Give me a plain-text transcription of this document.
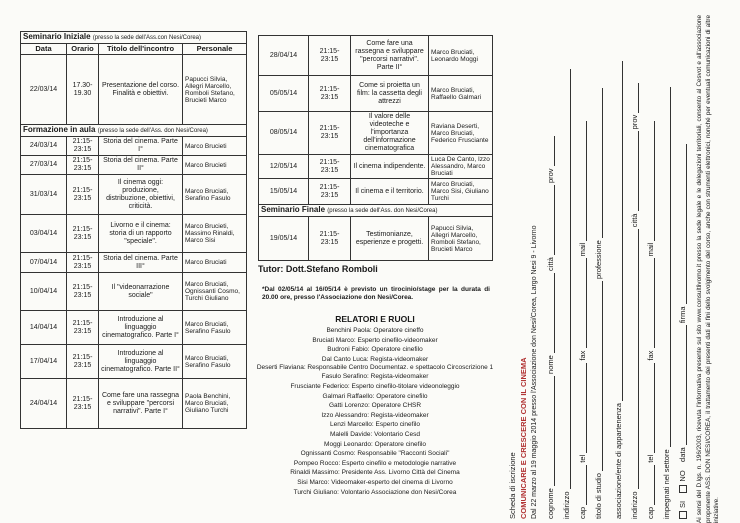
Seminario Iniziale (presso la sede dell'Ass.con Nesi/Corea)			
Data	Orario	Titolo dell'incontro	Personale
22/03/14	17.30-19.30	Presentazione del corso. Finalità e obiettivi.	Papucci Silvia, Allegri Marcello, Romboli Stefano, Brucieti Marco
Formazione in aula (presso la sede dell'Ass. don Nesi/Corea)			
24/03/14	21:15-23:15	Storia del cinema. Parte I°	Marco Brucieti
27/03/14	21:15-23:15	Storia del cinema. Parte II°	Marco Brucieti
31/03/14	21:15-23:15	Il cinema oggi: produzione, distribuzione, obiettivi, criticità.	Marco Bruciati, Serafino Fasulo
03/04/14	21:15-23:15	Livorno e il cinema: storia di un rapporto "speciale".	Marco Brucieti, Massimo Rinaldi, Marco Sisi
07/04/14	21:15-23:15	Storia del cinema. Parte III°	Marco Bruciati
10/04/14	21:15-23:15	Il "videonarrazione sociale"	Marco Bruciati, Ognissanti Cosmo, Turchi Giuliano
14/04/14	21:15-23:15	Introduzione al linguaggio cinematografico. Parte I°	Marco Bruciati, Serafino Fasulo
17/04/14	21:15-23:15	Introduzione al linguaggio cinematografico. Parte II°	Marco Bruciati, Serafino Fasulo
24/04/14	21:15-23:15	Come fare una rassegna e sviluppare "percorsi narrativi". Parte I°	Paola Benchini, Marco Bruciati, Giuliano Turchi
28/04/14	21:15-23:15	Come fare una rassegna e sviluppare "percorsi narrativi". Parte II°	Marco Bruciati, Leonardo Moggi
05/05/14	21:15-23:15	Come si proietta un film: la cassetta degli attrezzi	Marco Bruciati, Raffaello Galmari
08/05/14	21:15-23:15	Il valore delle videoteche e l'importanza dell'informazione cinematografica	Raviana Deserti, Marco Bruciati, Federico Frusciante
12/05/14	21:15-23:15	Il cinema indipendente.	Luca De Canto, Izzo Alessandro, Marco Bruciati
15/05/14	21:15-23:15	Il cinema e il territorio.	Marco Bruciati, Marco Sisi, Giuliano Turchi
Seminario Finale (presso la sede dell'Ass. don Nesi/Corea)			
19/05/14	21:15-23:15	Testimonianze, esperienze e progetti.	Papucci Silvia, Allegri Marcello, Romboli Stefano, Brucieti Marco
Tutor: Dott.Stefano Romboli
*Dal 02/05/14 al 16/05/14 è previsto un tirocinio/stage per la durata di 20.00 ore, presso l'Associazione don Nesi/Corea.
RELATORI E RUOLI
Benchini Paola: Operatore cineffo
Bruciati Marco: Esperto cinefilo-videomaker
Budroni Fabio: Operatore cinefilo
Dal Canto Luca: Regista-videomaker
Deserti Flaviana: Responsabile Centro Documentaz. e spettacolo Circoscrizione 1
Fasulo Serafino: Regista-videomaker
Frusciante Federico: Esperto cinefilo-titolare videonoleggio
Galmari Raffaello: Operatore cinefilo
Gatti Lorenzo: Operatore CHSR
Izzo Alessandro: Regista-videomaker
Lenzi Marcello: Esperto cinefilo
Malelli Davide: Volontario Cesd
Moggi Leonardo: Operatore cinefilo
Ognissanti Cosmo: Responsabile "Racconti Sociali"
Pompeo Rocco: Esperto cinefilo e metodologie narrative
Rinaldi Massimo: Presidente Ass. Livorno Città del Cinema
Sisi Marco: Videomaker-esperto del cinema di Livorno
Turchi Giuliano: Volontario Associazione don Nesi/Corea	Scheda di iscrizione COMUNICARE E CRESCERE CON IL CINEMA Dal 22 marzo al 19 maggio 2014 presso l'Associazione don Nesi/Corea, Largo Nesi 9 - Livorno cognome  nome  città  prov
indirizzo cap  tel  fax  mail
titolo di studio  professione
associazione/ente di appartenenza indirizzo  città  prov
cap  tel  fax  mail
impegnati nel settore SI    NO    data  firma Ai sensi del D.lgs. n. 196/2003, ricevuta l'informativa presente sul sito www.consultlivorno.it presso la sede legale e le delegazioni territoriali, consento al Cesvot e all'associazione proponente ASS. DON NESI/COREA, il trattamento dei presenti dati ai fini dello svolgimento del corso, anche con strumenti elettronici, nonché per eventuali comunicazioni di altre iniziative.
